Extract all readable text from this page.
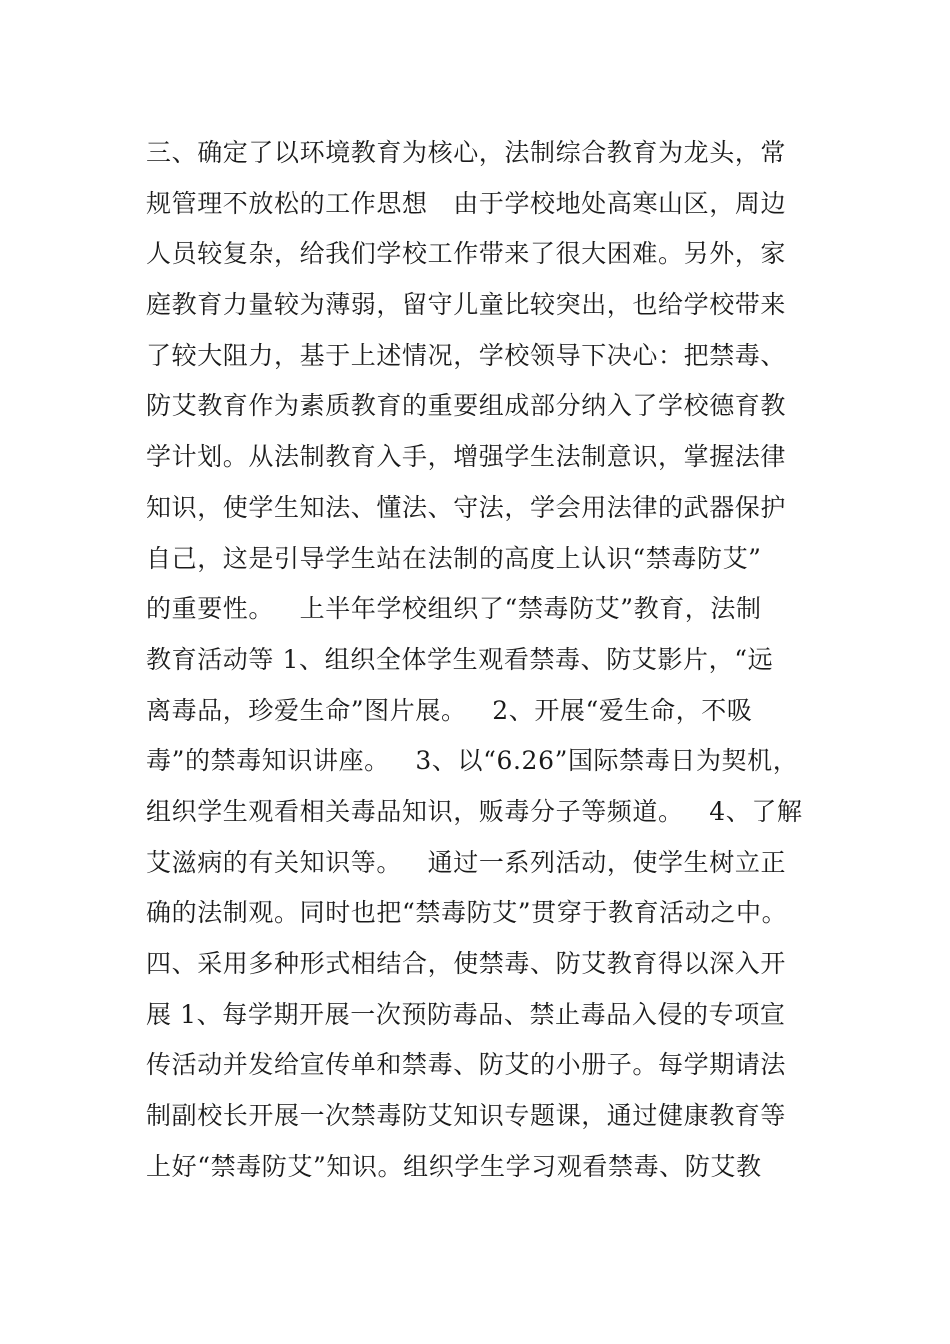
三、确定了以环境教育为核心，法制综合教育为龙头，常
规管理不放松的工作思想   由于学校地处高寒山区，周边
人员较复杂，给我们学校工作带来了很大困难。另外，家
庭教育力量较为薄弱，留守儿童比较突出，也给学校带来
了较大阻力，基于上述情况，学校领导下决心：把禁毒、
防艾教育作为素质教育的重要组成部分纳入了学校德育教
学计划。从法制教育入手，增强学生法制意识，掌握法律
知识，使学生知法、懂法、守法，学会用法律的武器保护
自己，这是引导学生站在法制的高度上认识“禁毒防艾”
的重要性。   上半年学校组织了“禁毒防艾”教育，法制
教育活动等 1、组织全体学生观看禁毒、防艾影片，“远
离毒品，珍爱生命”图片展。   2、开展“爱生命，不吸
毒”的禁毒知识讲座。   3、以“6.26”国际禁毒日为契机，
组织学生观看相关毒品知识，贩毒分子等频道。   4、了解
艾滋病的有关知识等。   通过一系列活动，使学生树立正
确的法制观。同时也把“禁毒防艾”贯穿于教育活动之中。
四、采用多种形式相结合，使禁毒、防艾教育得以深入开
展 1、每学期开展一次预防毒品、禁止毒品入侵的专项宣
传活动并发给宣传单和禁毒、防艾的小册子。每学期请法
制副校长开展一次禁毒防艾知识专题课，通过健康教育等
上好“禁毒防艾”知识。组织学生学习观看禁毒、防艾教
